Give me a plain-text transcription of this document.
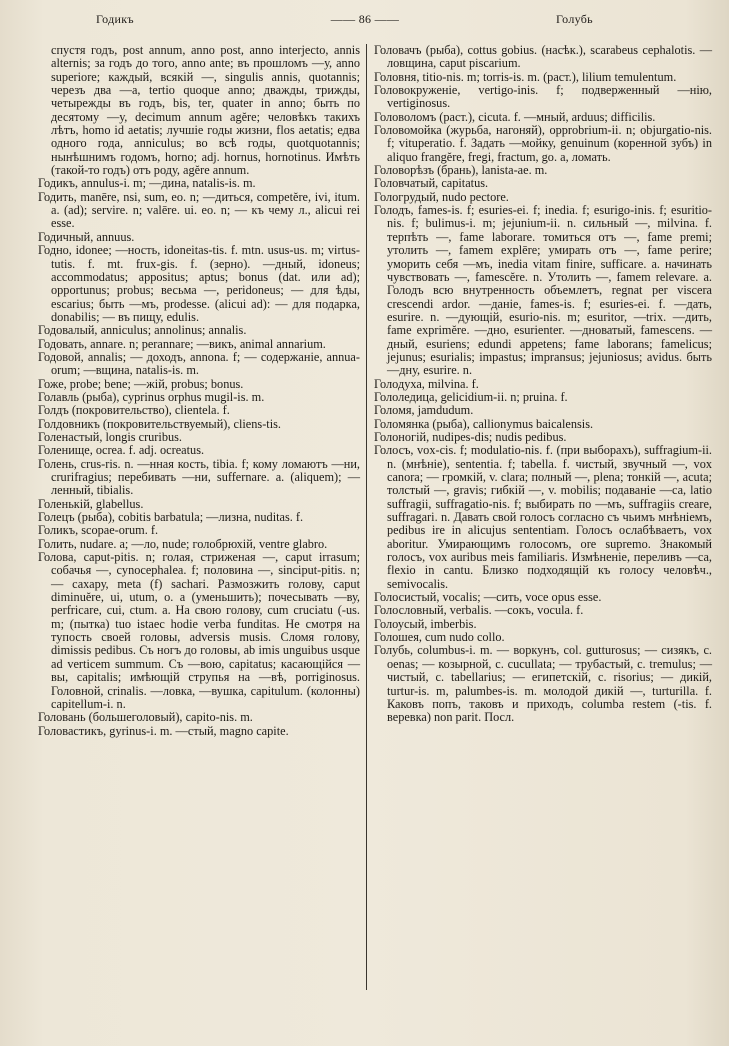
Годикъ	—— 86 ——	Голубь

спустя годъ, post annum, anno post, anno interjecto, annis alternis; за годъ до того, anno ante; въ прошломъ —у, anno superiore; каждый, всякій —, singulis annis, quotannis; черезъ два —а, tertio quoque anno; дважды, трижды, четырежды въ годъ, bis, ter, quater in anno; быть по десятому —у, decimum annum agĕre; человѣкъ такихъ лѣтъ, homo id aetatis; лучшіе годы жизни, flos aetatis; едва одного года, anniculus; во всѣ годы, quotquotannis; нынѣшнимъ годомъ, horno; adj. hornus, hornotinus. Имѣть (такой-то годъ) отъ роду, agĕre annum.

Годикъ, annulus-i. m; —дина, natalis-is. m.

Годить, manēre, nsi, sum, eo. n; —диться, competĕre, ivi, itum. a. (ad); servire. n; valēre. ui. eo. n; — къ чему л., alicui rei esse.

Годичный, annuus.

Годно, idonee; —ность, idoneitas-tis. f. mtn. usus-us. m; virtus-tutis. f. mt. frux-gis. f. (зерно). —дный, idoneus; accommodatus; appositus; aptus; bonus (dat. или ad); opportunus; probus; весьма —, peridoneus; — для ѣды, escarius; быть —мъ, prodesse. (alicui ad): — для подарка, donabilis; — въ пищу, edulis.

Годовалый, anniculus; annolinus; annalis.

Годовать, annare. n; perannare; —викъ, animal annarium.

Годовой, annalis; — доходъ, annona. f; — содержаніе, annua-orum; —вщина, natalis-is. m.

Гоже, probe; bene; —жій, probus; bonus.

Голавль (рыба), cyprinus orphus mugil-is. m.

Голдъ (покровительство), clientela. f.

Голдовникъ (покровительствуемый), cliens-tis.

Голенастый, longis cruribus.

Голенище, ocrea. f. adj. ocreatus.

Голень, crus-ris. n. —нная кость, tibia. f; кому ломаютъ —ни, crurifragius; перебивать —ни, suffernare. a. (aliquem); —ленный, tibialis.

Голенькій, glabellus.

Голецъ (рыба), cobitis barbatula; —лизна, nuditas. f.

Голикъ, scopae-orum. f.

Голить, nudare. a; —ло, nude; голобрюхій, ventre glabro.

Голова, caput-pitis. n; голая, стриженая —, caput irrasum; собачья —, cynocephalea. f; половина —, sinciput-pitis. n; — сахару, meta (f) sachari. Размозжить голову, caput diminuĕre, ui, utum, o. a (уменьшить); почесывать —ву, perfricare, cui, ctum. a. На свою голову, cum cruciatu (-us. m; (пытка) tuo istaec hodie verba funditas. Не смотря на тупость своей головы, adversis musis. Сломя голову, dimissis pedibus. Съ ногъ до головы, ab imis unguibus usque ad verticem summum. Съ —вою, capitatus; касающійся —вы, capitalis; имѣющій струпья на —вѣ, porriginosus. Головной, crinalis. —ловка, —вушка, capitulum. (колонны) capitellum-i. n.

Головань (большеголовый), capito-nis. m.

Головастикъ, gyrinus-i. m. —стый, magno capite.

Головачъ (рыба), cottus gobius. (насѣк.), scarabeus cephalotis. —ловщина, caput piscarium.

Головня, titio-nis. m; torris-is. m. (раст.), lilium temulentum.

Головокруженіе, vertigo-inis. f; подверженный —нію, vertiginosus.

Головоломъ (раст.), cicuta. f. —мный, arduus; difficilis.

Головомойка (журьба, нагоняй), opprobrium-ii. n; objurgatio-nis. f; vituperatio. f. Задать —мойку, genuinum (коренной зубъ) in aliquo frangĕre, fregi, fractum, go. a, ломать.

Головорѣзъ (брань), lanista-ae. m.

Головчатый, capitatus.

Гологрудый, nudo pectore.

Голодъ, fames-is. f; esuries-ei. f; inedia. f; esurigo-inis. f; esuritio-nis. f; bulimus-i. m; jejunium-ii. n. сильный —, milvina. f. терпѣть —, fame laborare. томиться отъ —, fame premi; утолить —, famem explēre; умирать отъ —, fame perire; уморить себя —мъ, inedia vitam finire, sufficare. a. начинать чувствовать —, famescĕre. n. Утолить —, famem relevare. a. Голодъ всю внутренность объемлетъ, regnat per viscera crescendi ardor. —даніе, fames-is. f; esuries-ei. f. —дать, esurire. n. —дующій, esurio-nis. m; esuritor, —trix. —дить, fame exprimĕre. —дно, esurienter. —дноватый, famescens. —дный, esuriens; edundi appetens; fame laborans; famelicus; jejunus; esurialis; impastus; impransus; jejuniosus; avidus. быть —дну, esurire. n.

Голодуха, milvina. f.

Гололедица, gelicidium-ii. n; pruina. f.

Голомя, jamdudum.

Голомянка (рыба), callionymus baicalensis.

Голоногій, nudipes-dis; nudis pedibus.

Голосъ, vox-cis. f; modulatio-nis. f. (при выборахъ), suffragium-ii. n. (мнѣніе), sententia. f; tabella. f. чистый, звучный —, vox canora; — громкій, v. clara; полный —, plena; тонкій —, acuta; толстый —, gravis; гибкій —, v. mobilis; подаваніе —са, latio suffragii, suffragatio-nis. f; выбирать по —мъ, suffragiis creare, suffragari. n. Давать свой голосъ согласно съ чьимъ мнѣніемъ, pedibus ire in alicujus sententiam. Голосъ ослабѣваетъ, vox aboritur. Умирающимъ голосомъ, ore supremo. Знакомый голосъ, vox auribus meis familiaris. Измѣненіе, переливъ —са, flexio in cantu. Близко подходящій къ голосу человѣч., semivocalis.

Голосистый, vocalis; —сить, voce opus esse.

Голословный, verbalis. —сокъ, vocula. f.

Голоусый, imberbis.

Голошея, cum nudo collo.

Голубь, columbus-i. m. — воркунъ, col. gutturosus; — сизякъ, c. oenas; — козырной, c. cucullata; — трубастый, c. tremulus; — чистый, c. tabellarius; — египетскій, c. risorius; — дикій, turtur-is. m, palumbes-is. m. молодой дикій —, turturilla. f. Каковъ попъ, таковъ и приходъ, columba restem (-tis. f. веревка) non parit. Посл.
